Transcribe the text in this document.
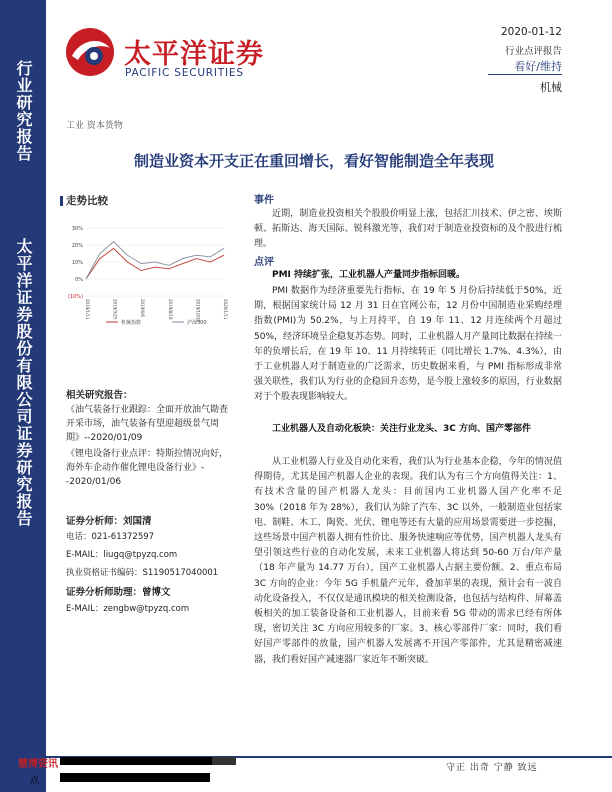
行业研究报告
太平洋证券股份有限公司证券研究报告
太平洋证券
PACIFIC SECURITIES
2020-01-12
行业点评报告
看好/维持
机械
工业 资本货物
制造业资本开支正在重回增长，看好智能制造全年表现
走势比较
30%
20%
10%
0%
(10%)
2019/1/11	2019/3/25	2019/6/6	2019/8/18	2019/10/30	2020/1/11
机械指数	沪深300
相关研究报告：
《油气装备行业跟踪：全面开放油气勘查开采市场，油气装备有望迎超级景气周期》--2020/01/09
《锂电设备行业点评：特斯拉情况向好，海外车企动作催化锂电设备行业》--2020/01/06
证券分析师：刘国清
电话：021-61372597
E-MAIL：liugq@tpyzq.com
执业资格证书编码：S1190517040001
证券分析师助理：曾博文
E-MAIL：zengbw@tpyzq.com
事件
近期，制造业投资相关个股股价明显上涨，包括汇川技术、伊之密、埃斯顿、拓斯达、海天国际、锐科激光等，我们对于制造业投资标的及个股进行梳理。
点评
PMI 持续扩张，工业机器人产量同步指标回暖。
PMI 数据作为经济重要先行指标，在 19 年 5 月份后持续低于50%，近期，根据国家统计局 12 月 31 日在官网公布，12 月份中国制造业采购经理指数(PMI)为 50.2%，与上月持平，自 19 年 11、12 月连续两个月超过 50%，经济环境呈企稳复苏态势。同时，工业机器人月产量同比数据在持续一年的负增长后，在 19 年 10、11 月持续转正（同比增长 1.7%、4.3%），由于工业机器人对于制造业的广泛需求，历史数据来看，与 PMI 指标形成非常强关联性，我们认为行业的企稳回升态势，是今股上涨较多的原因，行业数据对于个股表现影响较大。
工业机器人及自动化板块：关注行业龙头、3C 方向、国产零部件
从工业机器人行业及自动化来看，我们认为行业基本企稳，今年的情况值得期待，尤其是国产机器人企业的表现。我们认为有三个方向值得关注：1、有技术含量的国产机器人龙头：目前国内工业机器人国产化率不足 30%（2018 年为 28%），我们认为除了汽车、3C 以外，一般制造业包括家电、制鞋、木工、陶瓷、光伏、锂电等还有大量的应用场景需要进一步挖掘，这些场景中国产机器人拥有性价比、服务快速响应等优势，国产机器人龙头有望引领这些行业的自动化发展，未来工业机器人将达到 50-60 万台/年产量（18 年产量为 14.77 万台），国产工业机器人占据主要份额。2、重点布局 3C 方向的企业：今年 5G 手机量产元年，叠加苹果的表现，预计会有一波自动化设备投入，不仅仅是通讯模块的相关检测设备，也包括与结构件、屏幕盖板相关的加工装备设备和工业机器人，目前来看 5G 带动的需求已经有所体现，密切关注 3C 方向应用较多的厂家。3、核心零部件厂家：同时，我们看好国产零部件的放量，国产机器人发展离不开国产零部件，尤其是精密减速器，我们看好国产减速器厂家近年不断突破。
守正 出奇 宁静 致远
慧博资讯
点
